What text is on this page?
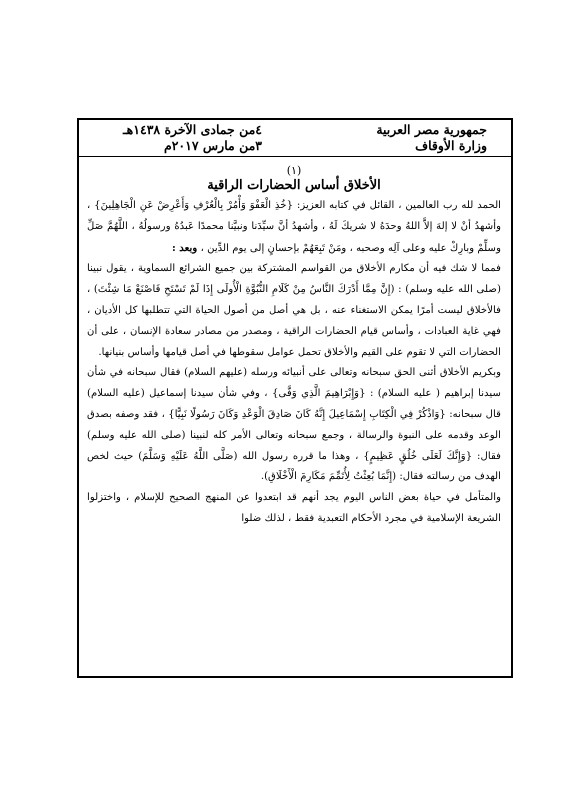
جمهورية مصر العربية
وزارة الأوقاف
٤من جمادى الآخرة ١٤٣٨هـ
٣من مارس ٢٠١٧م
(١)
الأخلاق أساس الحضارات الراقية

الحمد لله رب العالمين ، القائل في كتابه العزيز: {خُذِ الْعَفْوَ وَأْمُرْ بِالْعُرْفِ وَأَعْرِضْ عَنِ الْجَاهِلِينَ} ، وأشهدُ أنْ لا إلهَ إلاَّ اللهُ وحدَهُ لا شريكَ لَهُ ، وأشهدُ أنَّ سيِّدَنا ونبيَّنا محمدًا عَبدُهُ ورسولُهُ ، اللَّهُمَّ صَلِّ وسلِّمْ وبارِكْ عليه وعلى آلِه وصحبه ، ومَنْ تَبِعَهُمْ بإحسانٍ إلى يوم الدِّين ، وبعد :

فمما لا شك فيه أن مكارم الأخلاق من القواسم المشتركة بين جميع الشرائع السماوية ، يقول نبينا (صلى الله عليه وسلم) : (إِنَّ مِمَّا أَدْرَكَ النَّاسُ مِنْ كَلَامِ النُّبُوَّةِ الْأُولَى إِذَا لَمْ تَسْتَحِ فَاصْنَعْ مَا شِئْتَ) ، فالأخلاق ليست أمرًا يمكن الاستغناء عنه ، بل هي أصل من أصول الحياة التي تتطلبها كل الأديان ، فهي غاية العبادات ، وأساس قيام الحضارات الراقية ، ومصدر من مصادر سعادة الإنسان ، على أن الحضارات التي لا تقوم على القيم والأخلاق تحمل عوامل سقوطها في أصل قيامها وأساس بنيانها.

وبكريم الأخلاق أثنى الحق سبحانه وتعالى على أنبيائه ورسله (عليهم السلام) فقال سبحانه في شأن سيدنا إبراهيم ( عليه السلام) : {وَإِبْرَاهِيمَ الَّذِي وَفَّى} ، وفي شأن سيدنا إسماعيل (عليه السلام) قال سبحانه: {وَاذْكُرْ فِي الْكِتَابِ إِسْمَاعِيلَ إِنَّهُ كَانَ صَادِقَ الْوَعْدِ وَكَانَ رَسُولًا نَبِيًّا} ، فقد وصفه بصدق الوعد وقدمه على النبوة والرسالة ، وجمع سبحانه وتعالى الأمر كله لنبينا (صلى الله عليه وسلم) فقال: {وَإِنَّكَ لَعَلَى خُلُقٍ عَظِيمٍ} ، وهذا ما قرره رسول الله (صَلَّى اللَّهُ عَلَيْهِ وَسَلَّمَ) حيث لخص الهدف من رسالته فقال: (إِنَّمَا بُعِثْتُ لِأُتَمِّمَ مَكَارِمَ الْأَخْلَاقِ).

والمتأمل في حياة بعض الناس اليوم يجد أنهم قد ابتعدوا عن المنهج الصحيح للإسلام ، واختزلوا الشريعة الإسلامية في مجرد الأحكام التعبدية فقط ، لذلك ضلوا
